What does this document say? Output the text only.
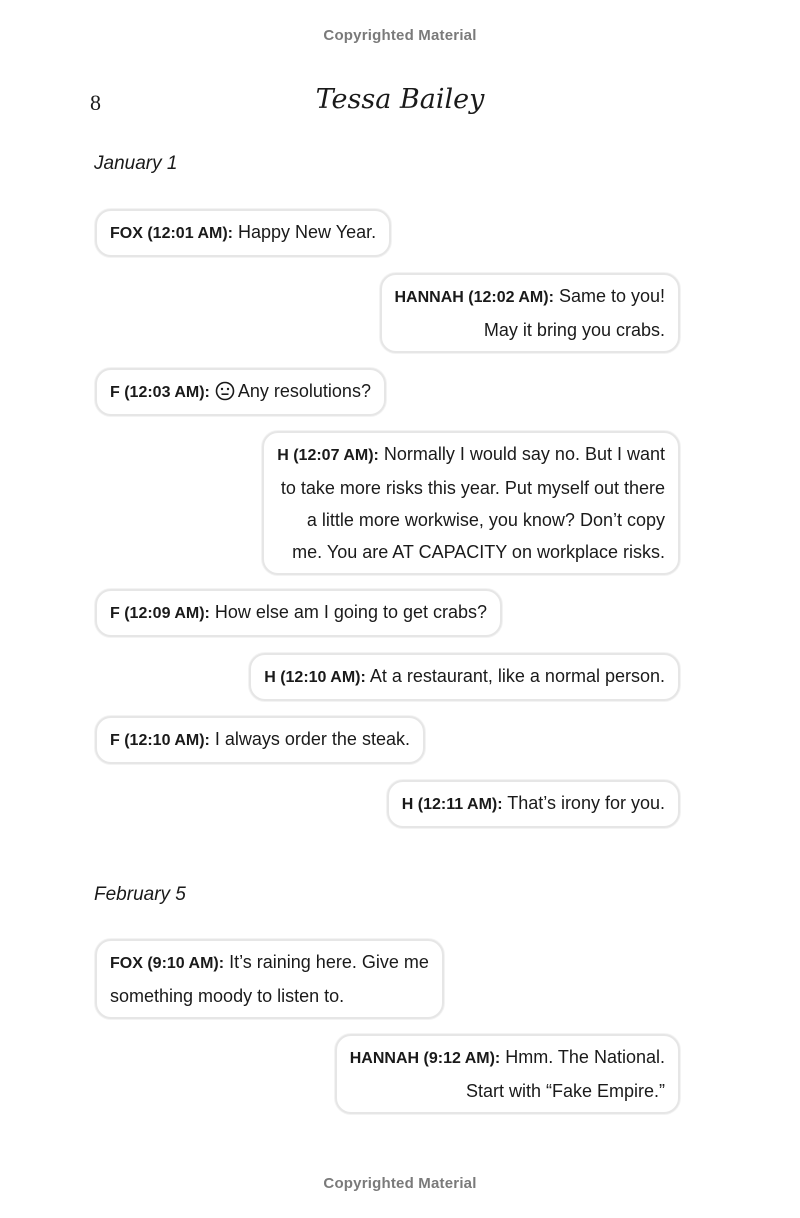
Copyrighted Material
8	Tessa Bailey
January 1
FOX (12:01 AM): Happy New Year.
HANNAH (12:02 AM): Same to you!
May it bring you crabs.
F (12:03 AM): Any resolutions?
H (12:07 AM): Normally I would say no. But I want
to take more risks this year. Put myself out there
a little more workwise, you know? Don’t copy
me. You are AT CAPACITY on workplace risks.
F (12:09 AM): How else am I going to get crabs?
H (12:10 AM): At a restaurant, like a normal person.
F (12:10 AM): I always order the steak.
H (12:11 AM): That’s irony for you.
February 5
FOX (9:10 AM): It’s raining here. Give me
something moody to listen to.
HANNAH (9:12 AM): Hmm. The National.
Start with “Fake Empire.”
Copyrighted Material
